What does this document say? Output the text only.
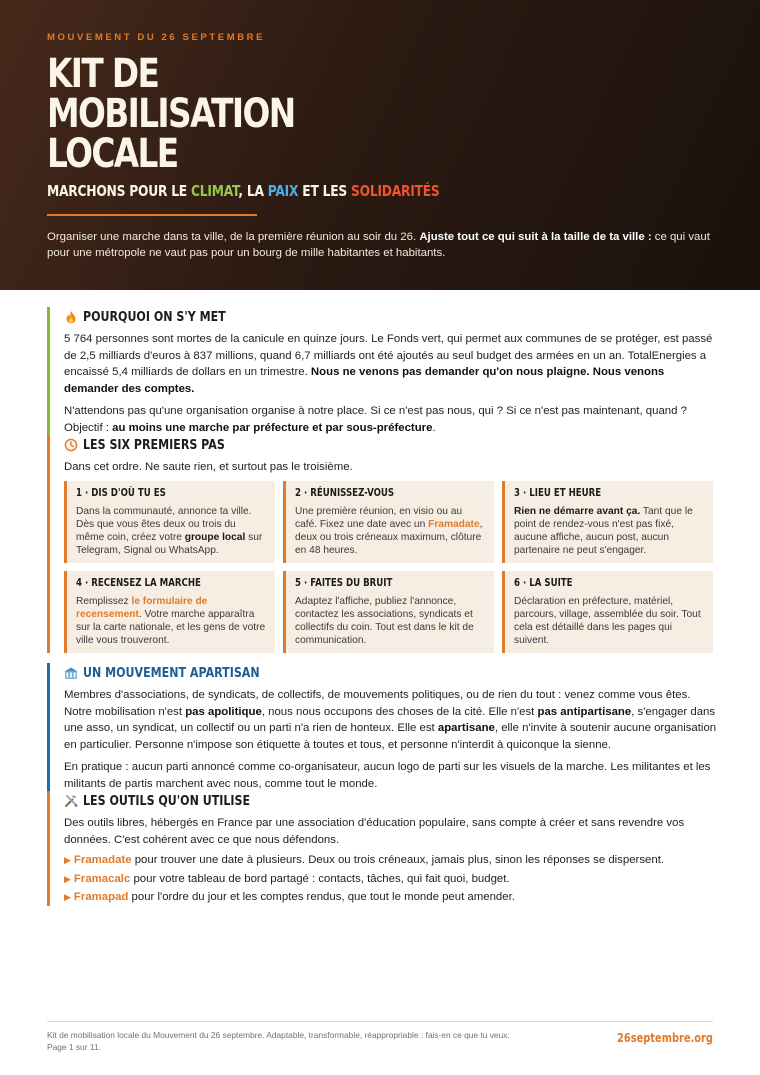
MOUVEMENT DU 26 SEPTEMBRE
KIT DE
MOBILISATION
LOCALE
MARCHONS POUR LE CLIMAT, LA PAIX ET LES SOLIDARITÉS

Organiser une marche dans ta ville, de la première réunion au soir du 26. Ajuste tout ce qui suit à la taille de ta ville : ce qui vaut pour une métropole ne vaut pas pour un bourg de mille habitantes et habitants.

POURQUOI ON S'Y MET

5 764 personnes sont mortes de la canicule en quinze jours. Le Fonds vert, qui permet aux communes de se protéger, est passé de 2,5 milliards d'euros à 837 millions, quand 6,7 milliards ont été ajoutés au seul budget des armées en un an. TotalEnergies a encaissé 5,4 milliards de dollars en un trimestre. Nous ne venons pas demander qu'on nous plaigne. Nous venons demander des comptes.

N'attendons pas qu'une organisation organise à notre place. Si ce n'est pas nous, qui ? Si ce n'est pas maintenant, quand ? Objectif : au moins une marche par préfecture et par sous-préfecture.

LES SIX PREMIERS PAS

Dans cet ordre. Ne saute rien, et surtout pas le troisième.

1 · DIS D'OÙ TU ES
Dans la communauté, annonce ta ville. Dès que vous êtes deux ou trois du même coin, créez votre groupe local sur Telegram, Signal ou WhatsApp.
2 · RÉUNISSEZ-VOUS
Une première réunion, en visio ou au café. Fixez une date avec un Framadate, deux ou trois créneaux maximum, clôture en 48 heures.
3 · LIEU ET HEURE
Rien ne démarre avant ça. Tant que le point de rendez-vous n'est pas fixé, aucune affiche, aucun post, aucun partenaire ne peut s'engager.
4 · RECENSEZ LA MARCHE
Remplissez le formulaire de recensement. Votre marche apparaîtra sur la carte nationale, et les gens de votre ville vous trouveront.
5 · FAITES DU BRUIT
Adaptez l'affiche, publiez l'annonce, contactez les associations, syndicats et collectifs du coin. Tout est dans le kit de communication.
6 · LA SUITE
Déclaration en préfecture, matériel, parcours, village, assemblée du soir. Tout cela est détaillé dans les pages qui suivent.
UN MOUVEMENT APARTISAN

Membres d'associations, de syndicats, de collectifs, de mouvements politiques, ou de rien du tout : venez comme vous êtes. Notre mobilisation n'est pas apolitique, nous nous occupons des choses de la cité. Elle n'est pas antipartisane, s'engager dans une asso, un syndicat, un collectif ou un parti n'a rien de honteux. Elle est apartisane, elle n'invite à soutenir aucune organisation en particulier. Personne n'impose son étiquette à toutes et tous, et personne n'interdit à quiconque la sienne.

En pratique : aucun parti annoncé comme co-organisateur, aucun logo de parti sur les visuels de la marche. Les militantes et les militants de partis marchent avec nous, comme tout le monde.

LES OUTILS QU'ON UTILISE

Des outils libres, hébergés en France par une association d'éducation populaire, sans compte à créer et sans revendre vos données. C'est cohérent avec ce que nous défendons.

▶ Framadate pour trouver une date à plusieurs. Deux ou trois créneaux, jamais plus, sinon les réponses se dispersent.
▶ Framacalc pour votre tableau de bord partagé : contacts, tâches, qui fait quoi, budget.
▶ Framapad pour l'ordre du jour et les comptes rendus, que tout le monde peut amender.
Kit de mobilisation locale du Mouvement du 26 septembre. Adaptable, transformable, réappropriable : fais-en ce que tu veux.
Page 1 sur 11.
26septembre.org
